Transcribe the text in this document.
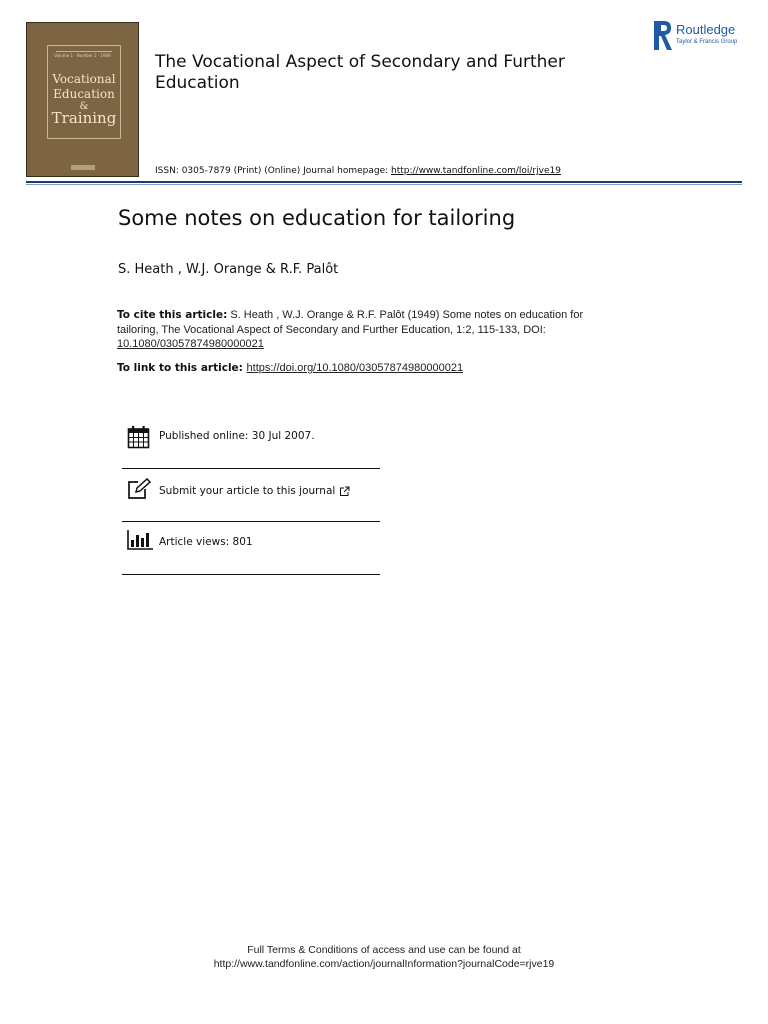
Vocational
Education
&
Training
Volume 1 · Number 2 · 1949	The Vocational Aspect of Secondary and Further Education
Routledge
Taylor & Francis Group
ISSN: 0305-7879 (Print) (Online) Journal homepage: http://www.tandfonline.com/loi/rjve19
Some notes on education for tailoring
S. Heath , W.J. Orange & R.F. Palôt
To cite this article: S. Heath , W.J. Orange & R.F. Palôt (1949) Some notes on education for tailoring, The Vocational Aspect of Secondary and Further Education, 1:2, 115-133, DOI: 10.1080/03057874980000021
To link to this article: https://doi.org/10.1080/03057874980000021
Published online: 30 Jul 2007.
Submit your article to this journal
Article views: 801
Full Terms & Conditions of access and use can be found at
http://www.tandfonline.com/action/journalInformation?journalCode=rjve19
